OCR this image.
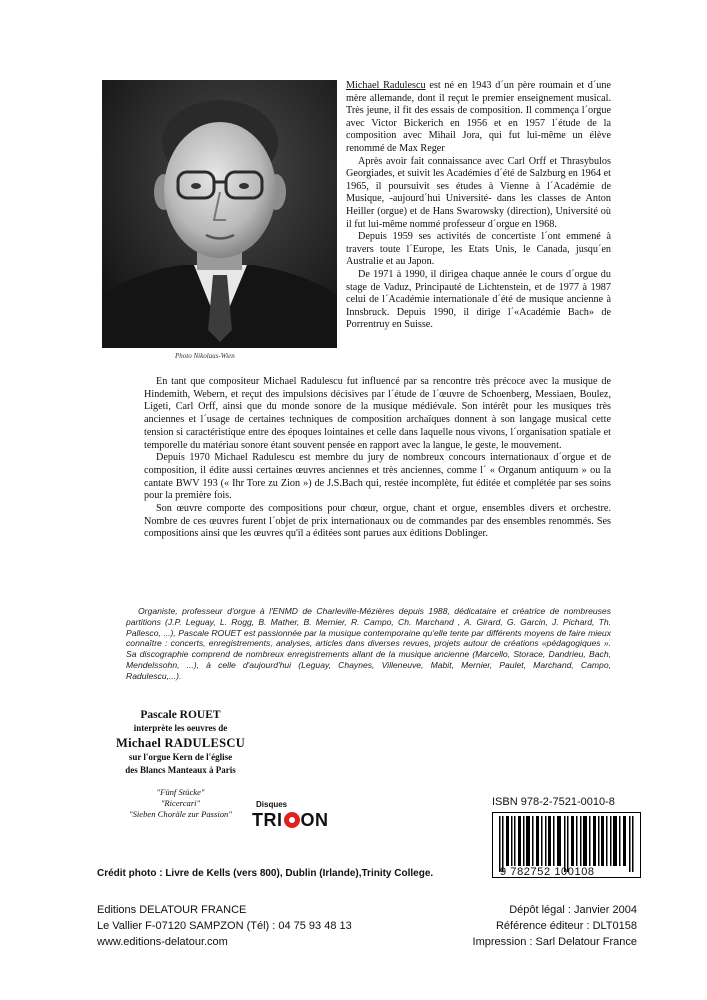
Photo Nikolaus-Wien

Michael Radulescu est né en 1943 d´un père roumain et d´une mère allemande, dont il reçut le premier enseignement musical. Très jeune, il fit des essais de composition. Il commença l´orgue avec Victor Bickerich en 1956 et en 1957 l´étude de la composition avec Mihail Jora, qui fut lui-même un élève renommé de Max Reger

Après avoir fait connaissance avec Carl Orff et Thrasybulos Georgiades, et suivit les Académies d´été de Salzburg en 1964 et 1965, il poursuivit ses études à Vienne à l´Académie de Musique, -aujourd´hui Université- dans les classes de Anton Heiller (orgue) et de Hans Swarowsky (direction), Université où il fut lui-même nommé professeur d´orgue en 1968.

Depuis 1959 ses activités de concertiste l´ont emmené à travers toute l´Europe, les Etats Unis, le Canada, jusqu´en Australie et au Japon.

De 1971 à 1990, il dirigea chaque année le cours d´orgue du stage de Vaduz, Principauté de Lichtenstein, et de 1977 à 1987 celui de l´Académie internationale d´été de musique ancienne à Innsbruck. Depuis 1990, il dirige l´«Académie Bach» de Porrentruy en Suisse.

En tant que compositeur Michael Radulescu fut influencé par sa rencontre très précoce avec la musique de Hindemith, Webern, et reçut des impulsions décisives par l´étude de l´œuvre de Schoenberg, Messiaen, Boulez, Ligeti, Carl Orff, ainsi que du monde sonore de la musique médiévale. Son intérêt pour les musiques très anciennes et l´usage de certaines techniques de composition archaïques donnent à son langage musical cette tension si caractéristique entre des époques lointaines et celle dans laquelle nous vivons, l´organisation spatiale et temporelle du matériau sonore étant souvent pensée en rapport avec la langue, le geste, le mouvement.

Depuis 1970 Michael Radulescu est membre du jury de nombreux concours internationaux d´orgue et de composition, il édite aussi certaines œuvres anciennes et très anciennes, comme l´ « Organum antiquum » ou la cantate BWV 193 (« Ihr Tore zu Zion ») de J.S.Bach qui, restée incomplète, fut éditée et complétée par ses soins pour la première fois.

Son œuvre comporte des compositions pour chœur, orgue, chant et orgue, ensembles divers et orchestre. Nombre de ces œuvres furent l´objet de prix internationaux ou de commandes par des ensembles renommés. Ses compositions ainsi que les œuvres qu'il a éditées sont parues aux éditions Doblinger.

Organiste, professeur d'orgue à l'ENMD de Charleville-Mézières depuis 1988, dédicataire et créatrice de nombreuses partitions (J.P. Leguay, L. Rogg, B. Mather, B. Mernier, R. Campo, Ch. Marchand , A. Girard, G. Garcin, J. Pichard, Th. Pallesco, ...), Pascale ROUET est passionnée par la musique contemporaine qu'elle tente par différents moyens de faire mieux connaître : concerts, enregistrements, analyses, articles dans diverses revues, projets autour de créations «pédagogiques ». Sa discographie comprend de nombreux enregistrements allant de la musique ancienne (Marcello, Storace, Dandrieu, Bach, Mendelssohn, ...), à celle d'aujourd'hui (Leguay, Chaynes, Villeneuve, Mabit, Mernier, Paulet, Marchand, Campo, Radulescu,...).

Pascale ROUET
interprète les oeuvres de
Michael RADULESCU
sur l'orgue Kern de l'église
des Blancs Manteaux à Paris
"Fünf Stücke"
"Ricercari"
"Sieben Choräle zur Passion"
Disques
TRI ON
ISBN 978-2-7521-0010-8
9 782752 100108
Crédit photo : Livre de Kells (vers 800), Dublin (Irlande),Trinity College.
Editions DELATOUR FRANCE
Le Vallier F-07120 SAMPZON (Tél) : 04 75 93 48 13
www.editions-delatour.com
Dépôt légal : Janvier 2004
Référence éditeur : DLT0158
Impression : Sarl Delatour France
